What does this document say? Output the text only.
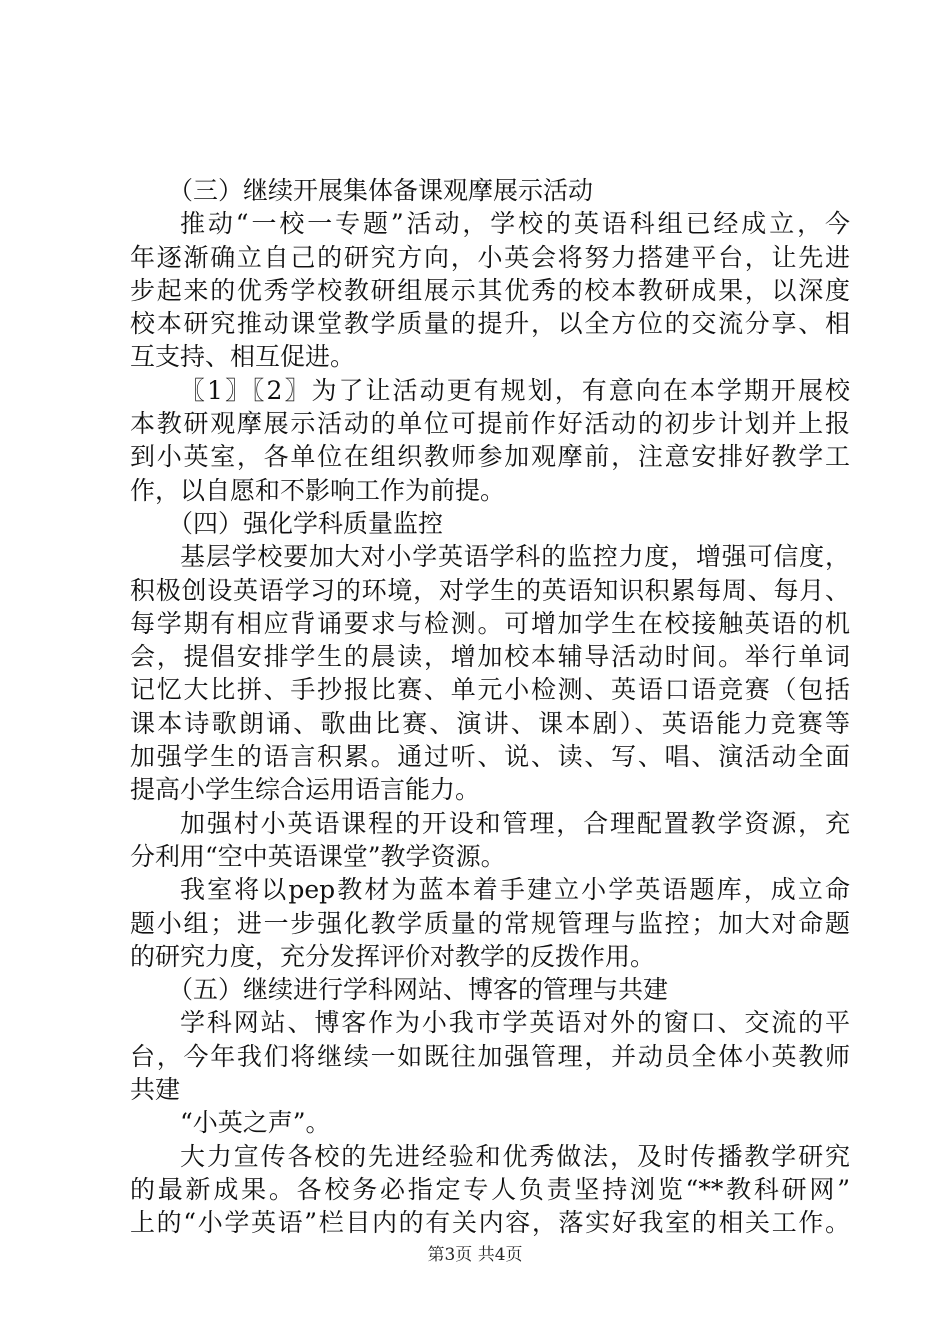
（三）继续开展集体备课观摩展示活动
推动“一校一专题”活动，学校的英语科组已经成立，今
年逐渐确立自己的研究方向，小英会将努力搭建平台，让先进
步起来的优秀学校教研组展示其优秀的校本教研成果，以深度
校本研究推动课堂教学质量的提升，以全方位的交流分享、相
互支持、相互促进。
〖1〗〖2〗为了让活动更有规划，有意向在本学期开展校
本教研观摩展示活动的单位可提前作好活动的初步计划并上报
到小英室，各单位在组织教师参加观摩前，注意安排好教学工
作，以自愿和不影响工作为前提。
（四）强化学科质量监控
基层学校要加大对小学英语学科的监控力度，增强可信度，
积极创设英语学习的环境，对学生的英语知识积累每周、每月、
每学期有相应背诵要求与检测。可增加学生在校接触英语的机
会，提倡安排学生的晨读，增加校本辅导活动时间。举行单词
记忆大比拼、手抄报比赛、单元小检测、英语口语竞赛（包括
课本诗歌朗诵、歌曲比赛、演讲、课本剧）、英语能力竞赛等
加强学生的语言积累。通过听、说、读、写、唱、演活动全面
提高小学生综合运用语言能力。
加强村小英语课程的开设和管理，合理配置教学资源，充
分利用“空中英语课堂”教学资源。
我室将以pep教材为蓝本着手建立小学英语题库，成立命
题小组；进一步强化教学质量的常规管理与监控；加大对命题
的研究力度，充分发挥评价对教学的反拨作用。
（五）继续进行学科网站、博客的管理与共建
学科网站、博客作为小我市学英语对外的窗口、交流的平
台，今年我们将继续一如既往加强管理，并动员全体小英教师
共建
“小英之声”。
大力宣传各校的先进经验和优秀做法，及时传播教学研究
的最新成果。各校务必指定专人负责坚持浏览“**教科研网”
上的“小学英语”栏目内的有关内容，落实好我室的相关工作。
第3页 共4页
